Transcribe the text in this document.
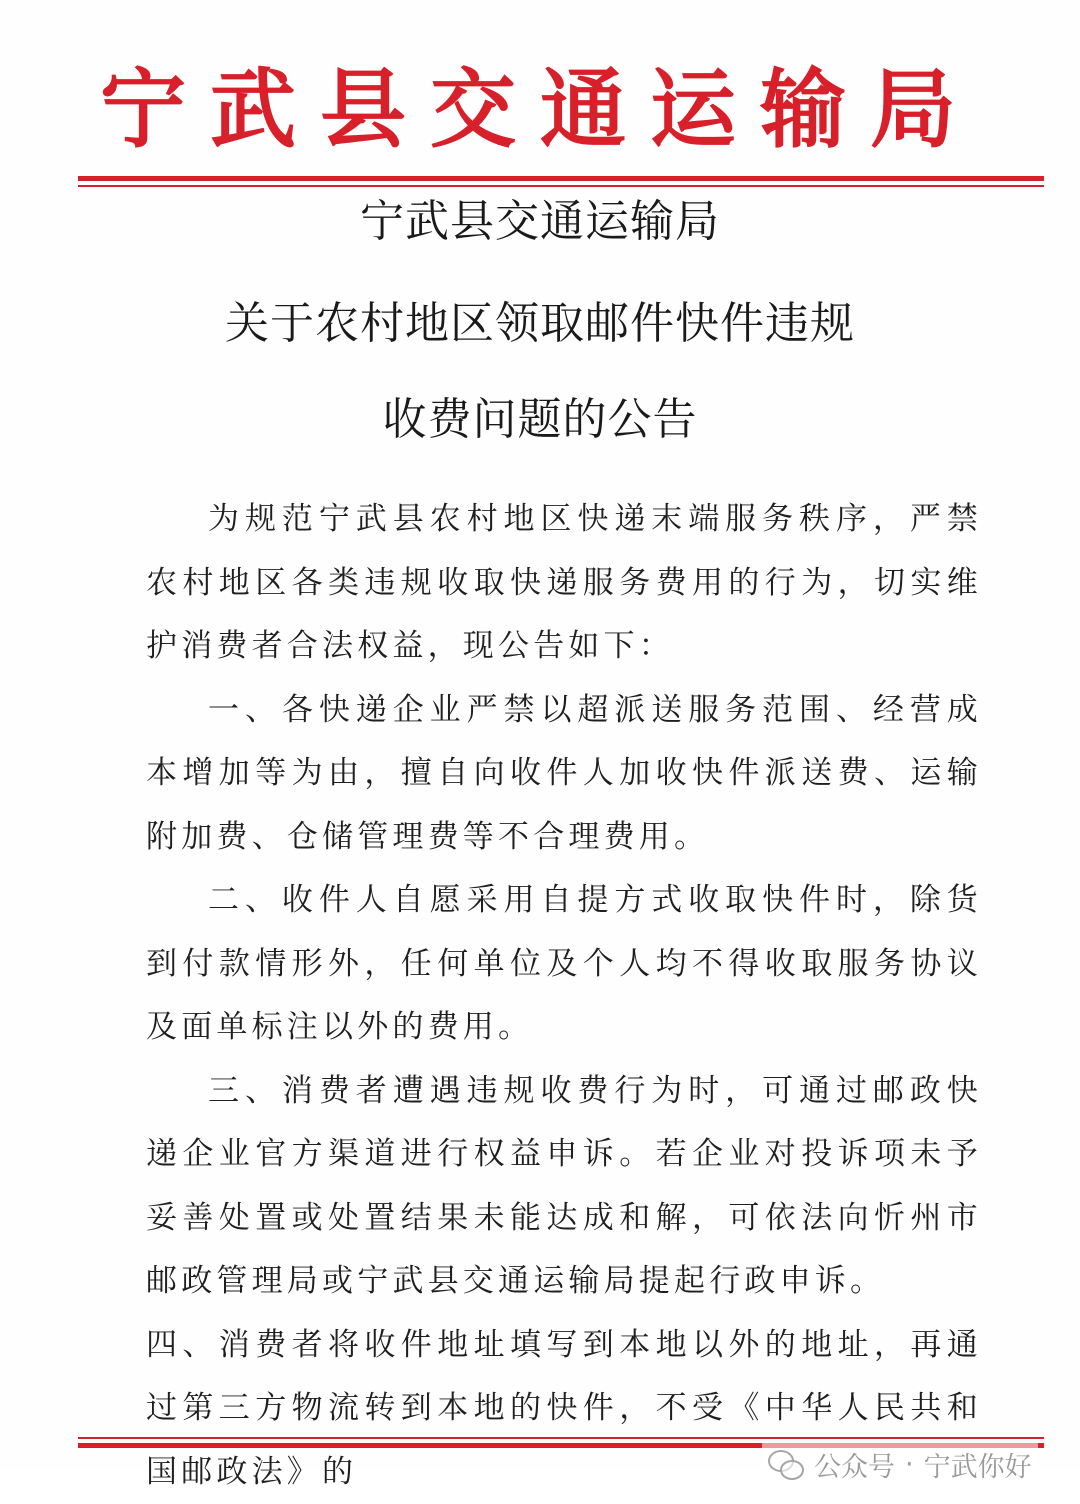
宁武县交通运输局
宁武县交通运输局
关于农村地区领取邮件快件违规
收费问题的公告

为规范宁武县农村地区快递末端服务秩序，严禁农村地区各类违规收取快递服务费用的行为，切实维护消费者合法权益，现公告如下：

一、各快递企业严禁以超派送服务范围、经营成本增加等为由，擅自向收件人加收快件派送费、运输附加费、仓储管理费等不合理费用。

二、收件人自愿采用自提方式收取快件时，除货到付款情形外，任何单位及个人均不得收取服务协议及面单标注以外的费用。

三、消费者遭遇违规收费行为时，可通过邮政快递企业官方渠道进行权益申诉。若企业对投诉项未予妥善处置或处置结果未能达成和解，可依法向忻州市邮政管理局或宁武县交通运输局提起行政申诉。

四、消费者将收件地址填写到本地以外的地址，再通过第三方物流转到本地的快件，不受《中华人民共和国邮政法》的	公众号 · 宁武你好
